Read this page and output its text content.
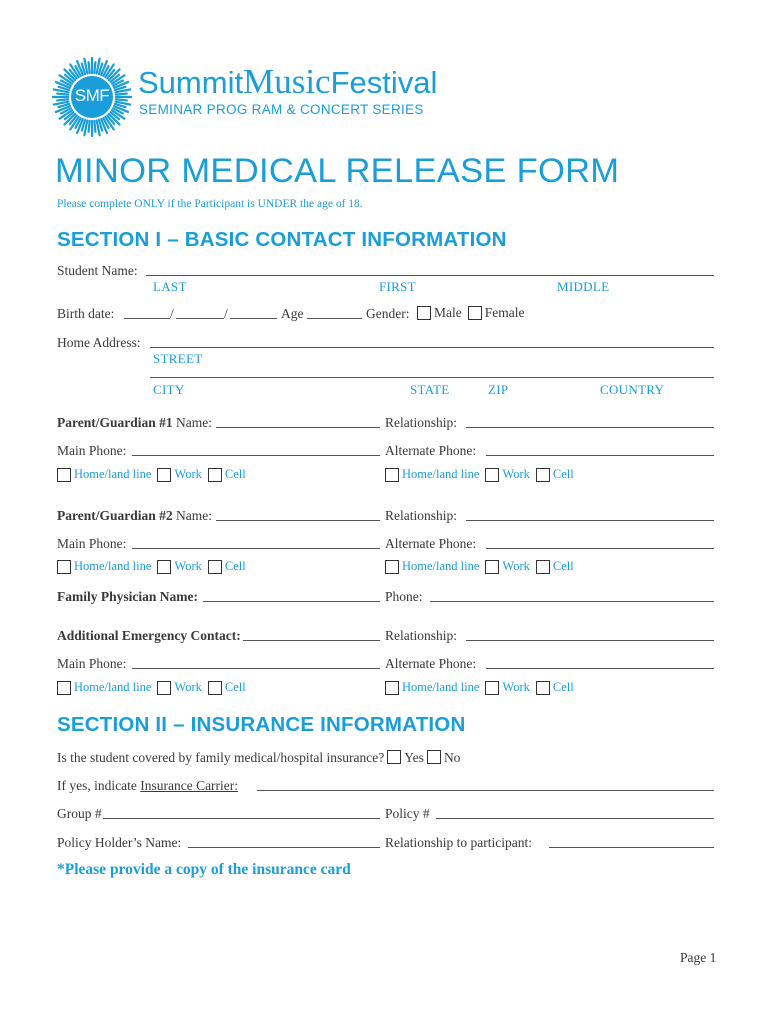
SMF SummitMusicFestival
SEMINAR PROG RAM & CONCERT SERIES
MINOR MEDICAL RELEASE FORM
Please complete ONLY if the Participant is UNDER the age of 18.
SECTION I – BASIC CONTACT INFORMATION
Student Name:
LAST	FIRST	MIDDLE
Birth date:	/	/	Age	Gender: Male Female
Home Address:
STREET
CITY	STATE	ZIP	COUNTRY
Parent/Guardian #1 Name:	Relationship:
Main Phone:	Alternate Phone:
Home/land line Work Cell	Home/land line Work Cell
Parent/Guardian #2 Name:	Relationship:
Main Phone:	Alternate Phone:
Home/land line Work Cell	Home/land line Work Cell
Family Physician Name:	Phone:
Additional Emergency Contact:	Relationship:
Main Phone:	Alternate Phone:
Home/land line Work Cell	Home/land line Work Cell
SECTION II – INSURANCE INFORMATION
Is the student covered by family medical/hospital insurance? Yes No
If yes, indicate Insurance Carrier:
Group #	Policy #
Policy Holder’s Name:	Relationship to participant:
*Please provide a copy of the insurance card
Page 1
